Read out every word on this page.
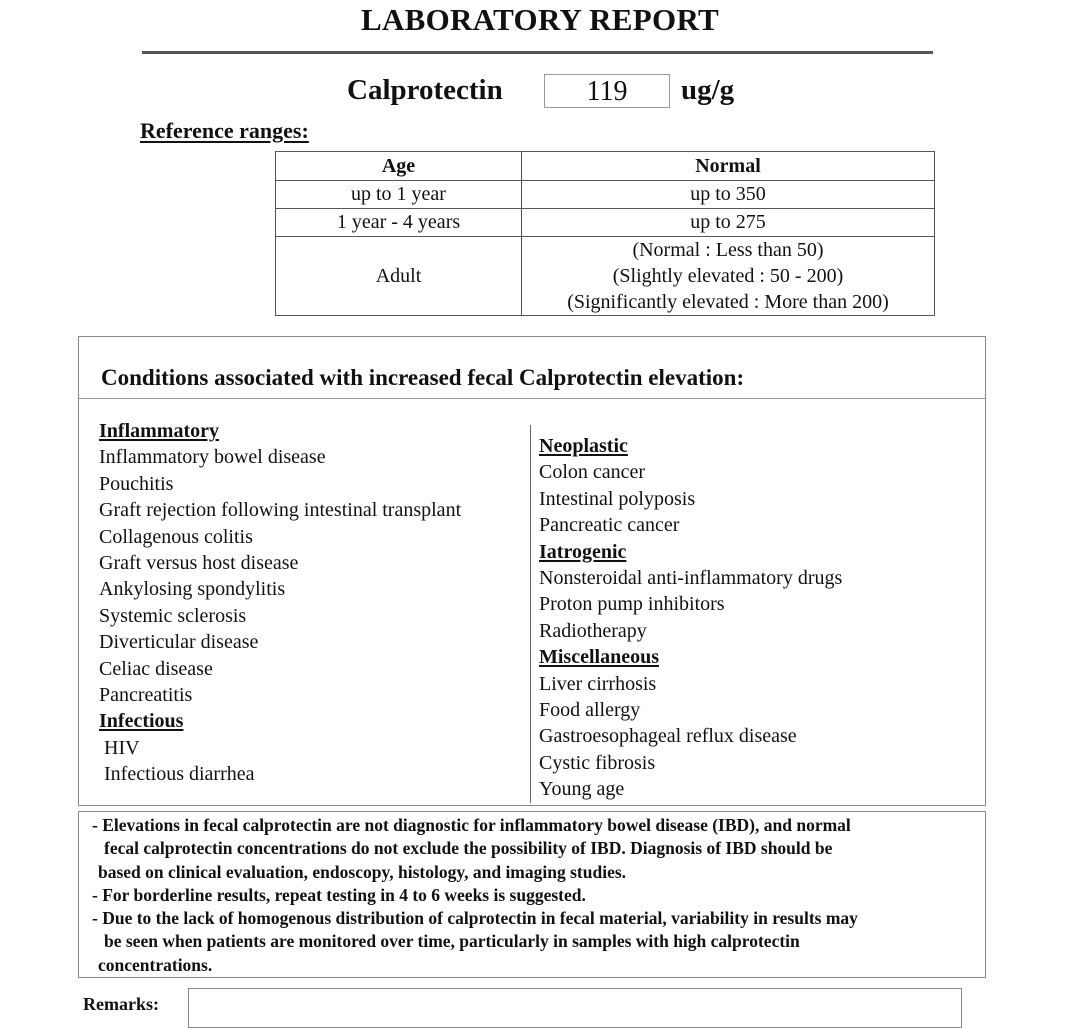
LABORATORY REPORT
Calprotectin	119	ug/g
Reference ranges:
Age	Normal
up to 1 year	up to 350
1 year - 4 years	up to 275
Adult	(Normal : Less than 50)
(Slightly elevated : 50 - 200)
(Significantly elevated : More than 200)
Conditions associated with increased fecal Calprotectin elevation:
Inflammatory
Inflammatory bowel disease
Pouchitis
Graft rejection following intestinal transplant
Collagenous colitis
Graft versus host disease
Ankylosing spondylitis
Systemic sclerosis
Diverticular disease
Celiac disease
Pancreatitis
Infectious
HIV
Infectious diarrhea
Neoplastic
Colon cancer
Intestinal polyposis
Pancreatic cancer
Iatrogenic
Nonsteroidal anti-inflammatory drugs
Proton pump inhibitors
Radiotherapy
Miscellaneous
Liver cirrhosis
Food allergy
Gastroesophageal reflux disease
Cystic fibrosis
Young age
- Elevations in fecal calprotectin are not diagnostic for inflammatory bowel disease (IBD), and normal
fecal calprotectin concentrations do not exclude the possibility of IBD. Diagnosis of IBD should be
based on clinical evaluation, endoscopy, histology, and imaging studies.
- For borderline results, repeat testing in 4 to 6 weeks is suggested.
- Due to the lack of homogenous distribution of calprotectin in fecal material, variability in results may
be seen when patients are monitored over time, particularly in samples with high calprotectin
concentrations.
Remarks:
